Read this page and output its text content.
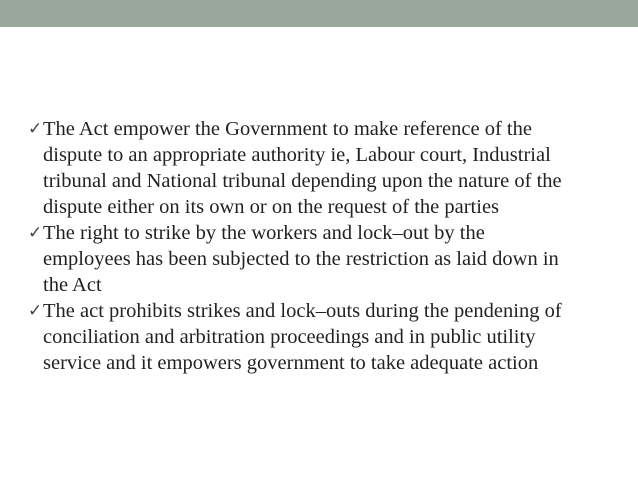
✓ The Act empower the Government to make reference of the
dispute to an appropriate authority ie, Labour court, Industrial
tribunal and National tribunal depending upon the nature of the
dispute either on its own or on the request of the parties
✓ The right to strike by the workers and lock–out by the
employees has been subjected to the restriction as laid down in
the Act
✓ The act prohibits strikes and lock–outs during the pendening of
conciliation and arbitration proceedings and in public utility
service and it empowers government to take adequate action
